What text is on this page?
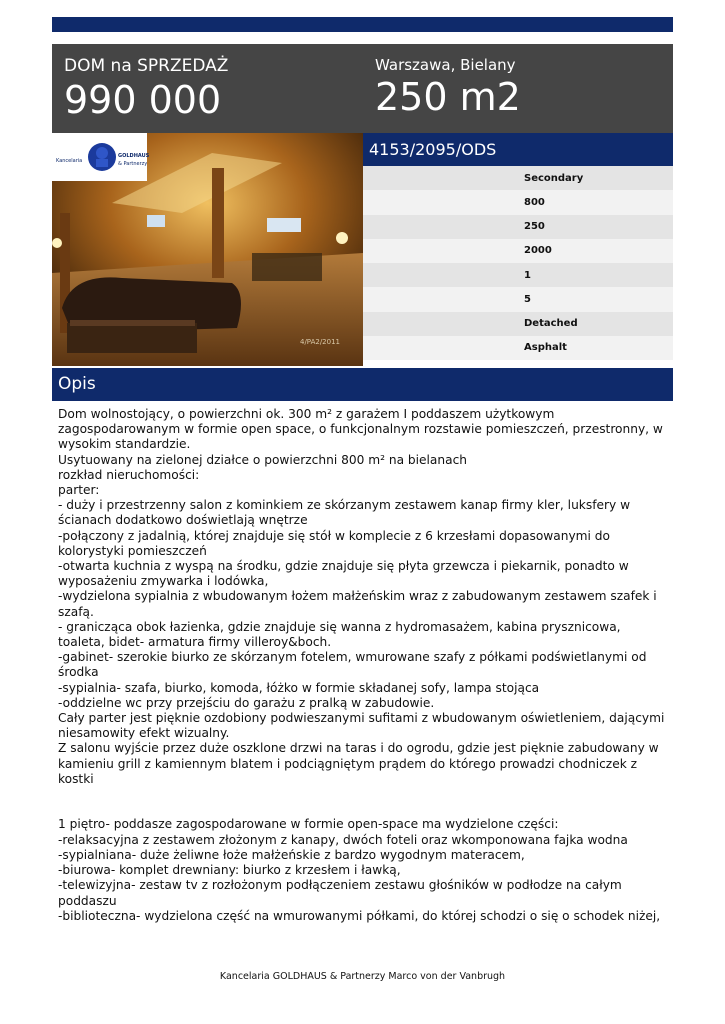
DOM na SPRZEDAŻ
990 000
Warszawa, Bielany
250 m2
Kancelaria
GOLDHAUS
& Partnerzy
4/PA2/2011
4153/2095/ODS
Secondary
800
250
2000
1
5
Detached
Asphalt
Opis

Dom wolnostojący, o powierzchni ok. 300 m² z garażem I poddaszem użytkowym
zagospodarowanym w formie open space, o funkcjonalnym rozstawie pomieszczeń, przestronny, w
wysokim standardzie.
Usytuowany na zielonej działce o powierzchni 800 m² na bielanach
rozkład nieruchomości:
parter:
- duży i przestrzenny salon z kominkiem ze skórzanym zestawem kanap firmy kler, luksfery w
ścianach dodatkowo doświetlają wnętrze
-połączony z jadalnią, której znajduje się stół w komplecie z 6 krzesłami dopasowanymi do
kolorystyki pomieszczeń
-otwarta kuchnia z wyspą na środku, gdzie znajduje się płyta grzewcza i piekarnik, ponadto w
wyposażeniu zmywarka i lodówka,
-wydzielona sypialnia z wbudowanym łożem małżeńskim wraz z zabudowanym zestawem szafek i
szafą.
- granicząca obok łazienka, gdzie znajduje się wanna z hydromasażem, kabina prysznicowa,
toaleta, bidet- armatura firmy villeroy&boch.
-gabinet- szerokie biurko ze skórzanym fotelem, wmurowane szafy z półkami podświetlanymi od
środka
-sypialnia- szafa, biurko, komoda, łóżko w formie składanej sofy, lampa stojąca
-oddzielne wc przy przejściu do garażu z pralką w zabudowie.
Cały parter jest pięknie ozdobiony podwieszanymi sufitami z wbudowanym oświetleniem, dającymi
niesamowity efekt wizualny.
Z salonu wyjście przez duże oszklone drzwi na taras i do ogrodu, gdzie jest pięknie zabudowany w
kamieniu grill z kamiennym blatem i podciągniętym prądem do którego prowadzi chodniczek z
kostki

1 piętro- poddasze zagospodarowane w formie open-space ma wydzielone części:
-relaksacyjna z zestawem złożonym z kanapy, dwóch foteli oraz wkomponowana fajka wodna
-sypialniana- duże żeliwne łoże małżeńskie z bardzo wygodnym materacem,
-biurowa- komplet drewniany: biurko z krzesłem i ławką,
-telewizyjna- zestaw tv z rozłożonym podłączeniem zestawu głośników w podłodze na całym
poddaszu
-biblioteczna- wydzielona część na wmurowanymi półkami, do której schodzi o się o schodek niżej,

Kancelaria GOLDHAUS & Partnerzy Marco von der Vanbrugh
